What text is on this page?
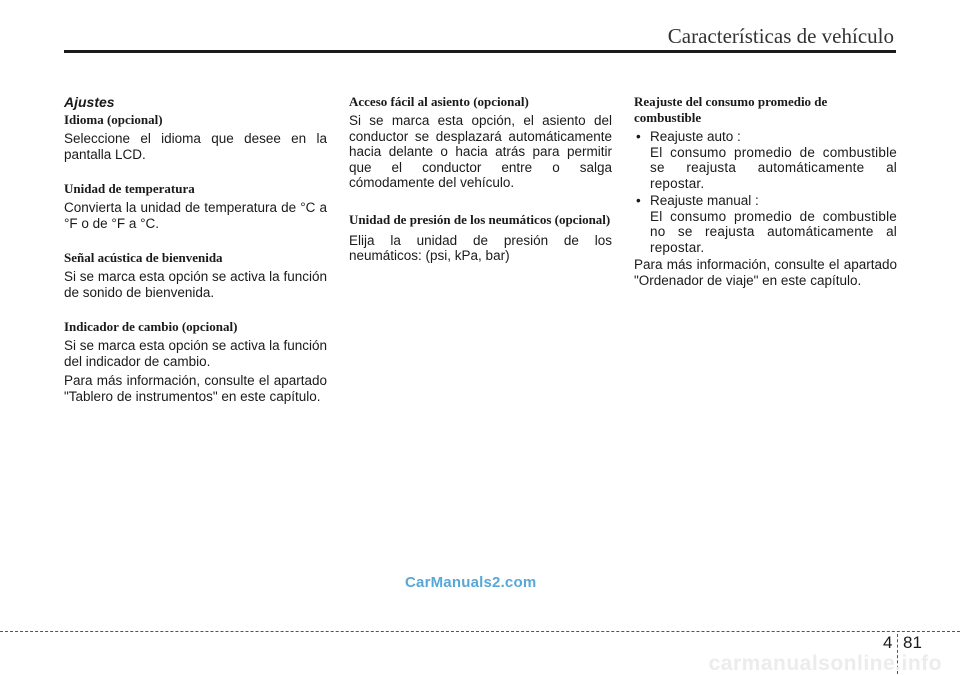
Características de vehículo
Ajustes
Idioma (opcional)

Seleccione el idioma que desee en la pantalla LCD.

Unidad de temperatura

Convierta la unidad de temperatura de °C a °F o de °F a °C.

Señal acústica de bienvenida

Si se marca esta opción se activa la función de sonido de bienvenida.

Indicador de cambio (opcional)

Si se marca esta opción se activa la función del indicador de cambio.

Para más información, consulte el apartado "Tablero de instrumentos" en este capítulo.

Acceso fácil al asiento (opcional)

Si se marca esta opción, el asiento del conductor se desplazará automáticamente hacia delante o hacia atrás para permitir que el conductor entre o salga cómodamente del vehículo.

Unidad de presión de los neumáticos (opcional)

Elija la unidad de presión de los neumáticos: (psi, kPa, bar)

Reajuste del consumo promedio de combustible
• Reajuste auto :

El consumo promedio de combustible se reajusta automáticamente al repostar.

• Reajuste manual :

El consumo promedio de combustible no se reajusta automáticamente al repostar.

Para más información, consulte el apartado "Ordenador de viaje" en este capítulo.

CarManuals2.com
4 81
carmanualsonline.info
